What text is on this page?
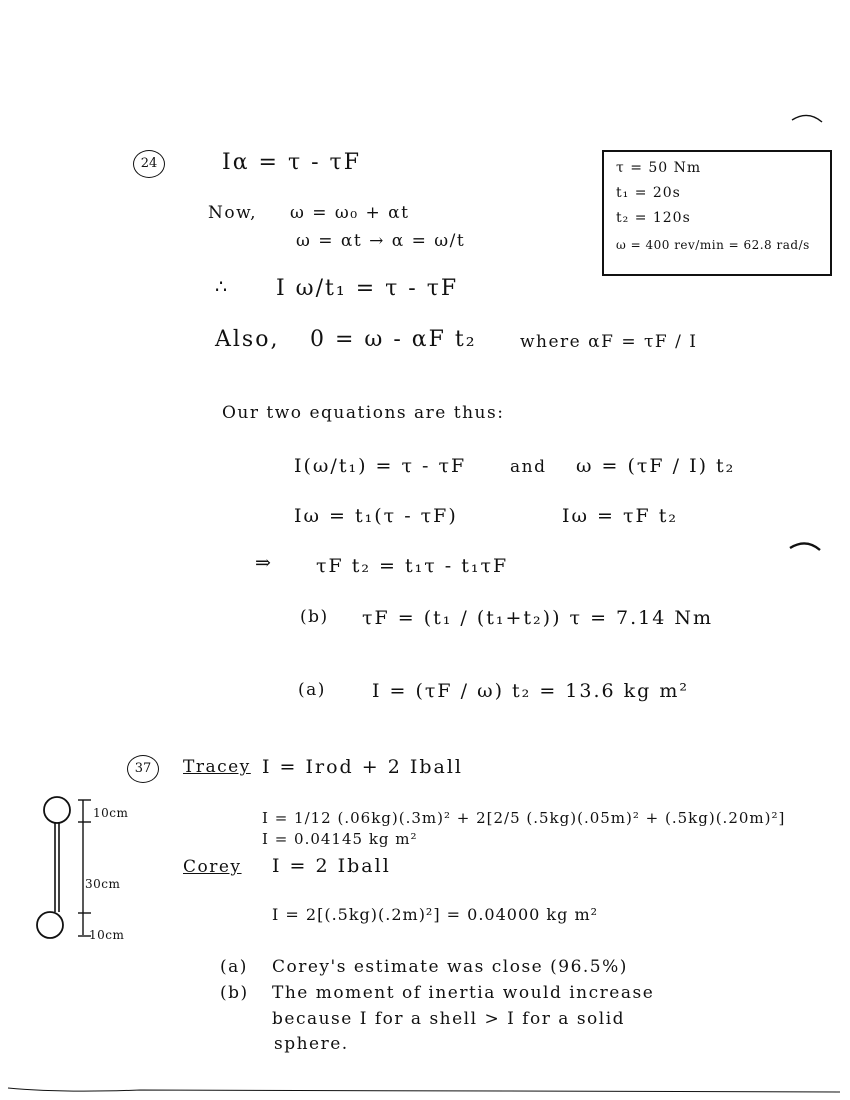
24	Iα = τ - τF	τ = 50 Nm
t₁ = 20s
t₂ = 120s
ω = 400 rev/min = 62.8 rad/s
Now, ω = ω₀ + αt
ω = αt → α = ω/t
∴ I ω/t₁ = τ - τF
Also, 0 = ω - αF t₂	where αF = τF / I
Our two equations are thus:
I(ω/t₁) = τ - τF	and ω = (τF / I) t₂
Iω = t₁(τ - τF)	Iω = τF t₂
⇒ τF t₂ = t₁τ - t₁τF
(b) τF = (t₁ / (t₁+t₂)) τ = 7.14 Nm
(a) I = (τF / ω) t₂ = 13.6 kg m²
37	Tracey I = Irod + 2 Iball
I = 1/12 (.06kg)(.3m)² + 2[2/5 (.5kg)(.05m)² + (.5kg)(.20m)²]
I = 0.04145 kg m²
Corey I = 2 Iball
I = 2[(.5kg)(.2m)²] = 0.04000 kg m²
10cm
30cm
10cm
(a) Corey's estimate was close (96.5%)
(b) The moment of inertia would increase
because I for a shell > I for a solid
sphere.
